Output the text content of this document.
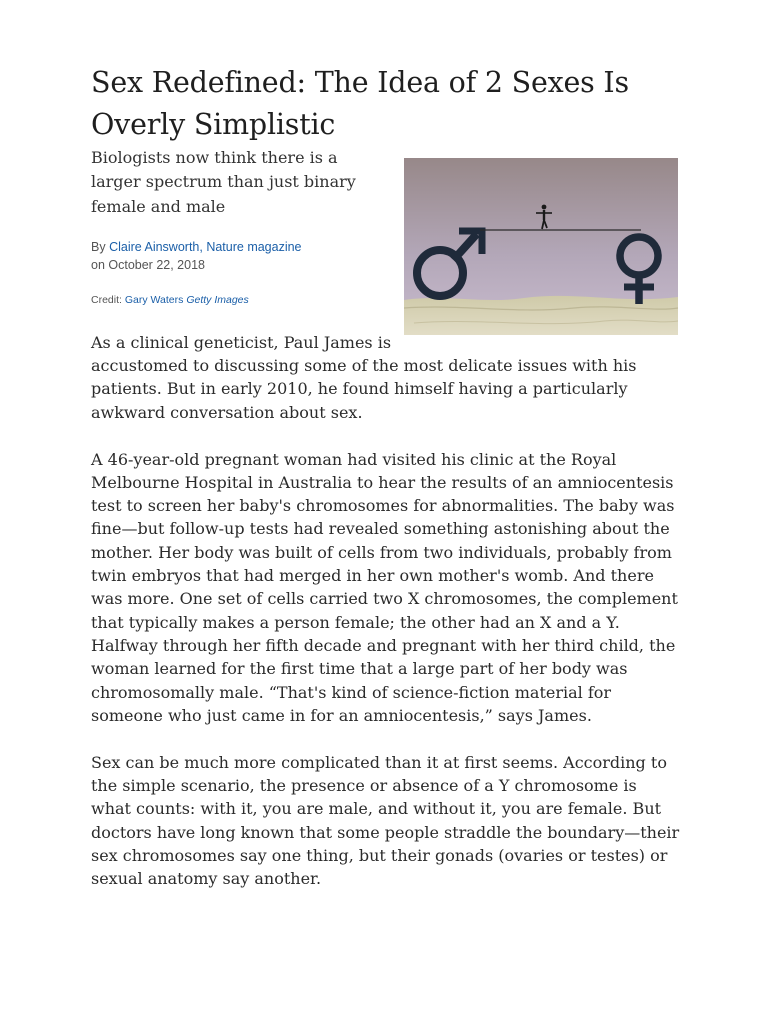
Sex Redefined: The Idea of 2 Sexes Is Overly Simplistic

Biologists now think there is a larger spectrum than just binary female and male

By Claire Ainsworth, Nature magazine
on October 22, 2018
Credit: Gary Waters Getty Images

As a clinical geneticist, Paul James is accustomed to discussing some of the most delicate issues with his patients. But in early 2010, he found himself having a particularly awkward conversation about sex.

A 46-year-old pregnant woman had visited his clinic at the Royal Melbourne Hospital in Australia to hear the results of an amniocentesis test to screen her baby's chromosomes for abnormalities. The baby was fine—but follow-up tests had revealed something astonishing about the mother. Her body was built of cells from two individuals, probably from twin embryos that had merged in her own mother's womb. And there was more. One set of cells carried two X chromosomes, the complement that typically makes a person female; the other had an X and a Y. Halfway through her fifth decade and pregnant with her third child, the woman learned for the first time that a large part of her body was chromosomally male. “That's kind of science-fiction material for someone who just came in for an amniocentesis,” says James.

Sex can be much more complicated than it at first seems. According to the simple scenario, the presence or absence of a Y chromosome is what counts: with it, you are male, and without it, you are female. But doctors have long known that some people straddle the boundary—their sex chromosomes say one thing, but their gonads (ovaries or testes) or sexual anatomy say another.
